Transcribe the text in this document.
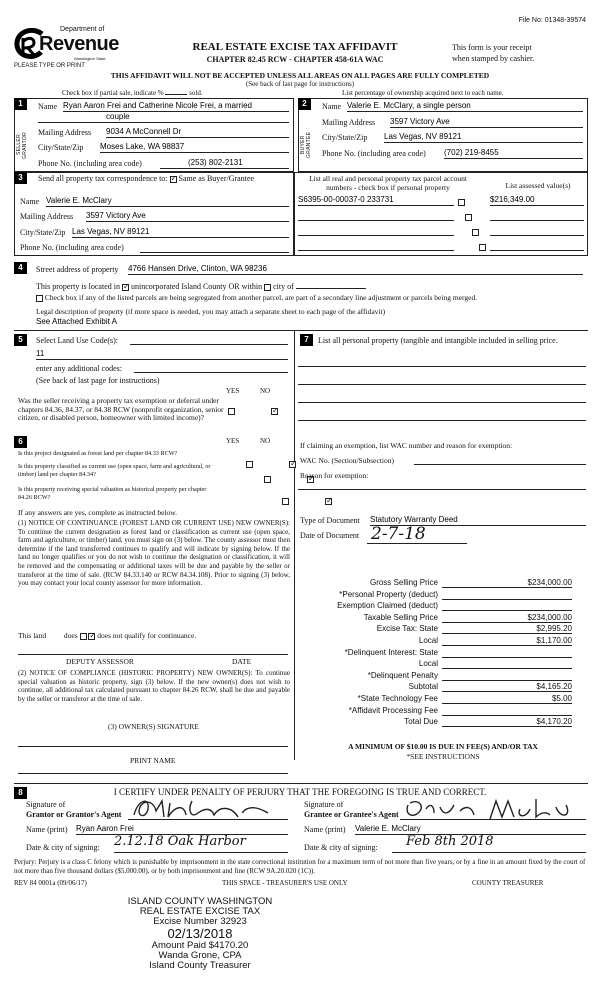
File No: 01348-39574
Department of
Revenue
Washington State
PLEASE TYPE OR PRINT
REAL ESTATE EXCISE TAX AFFIDAVIT
CHAPTER 82.45 RCW - CHAPTER 458-61A WAC
This form is your receipt
when stamped by cashier.
THIS AFFIDAVIT WILL NOT BE ACCEPTED UNLESS ALL AREAS ON ALL PAGES ARE FULLY COMPLETED
(See back of last page for instructions)
Check box if partial sale, indicate %	sold.	List percentage of ownership acquired next to each name.
1
SELLER GRANTOR
Name Ryan Aaron Frei and Catherine Nicole Frei, a married
couple
Mailing Address 9034 A McConnell Dr
City/State/Zip Moses Lake, WA 98837
Phone No. (including area code)	(253) 802-2131
2
BUYER GRANTEE
Name Valerie E. McClary, a single person
Mailing Address 3597 Victory Ave
City/State/Zip Las Vegas, NV 89121
Phone No. (including area code) (702) 219-8455
3	Send all property tax correspondence to: ✓ Same as Buyer/Grantee
Name Valerie E. McClary
Mailing Address 3597 Victory Ave
City/State/Zip Las Vegas, NV 89121
Phone No. (including area code)
List all real and personal property tax parcel account numbers - check box if personal property	List assessed value(s)
S6395-00-00037-0 233731	$216,349.00
4	Street address of property 4766 Hansen Drive, Clinton, WA 98236
This property is located in ✓ unincorporated Island County OR within city of
Check box if any of the listed parcels are being segregated from another parcel, are part of a secondary line adjustment or parcels being merged.
Legal description of property (if more space is needed, you may attach a separate sheet to each page of the affidavit)
See Attached Exhibit A
5	Select Land Use Code(s):
11
enter any additional codes:
(See back of last page for instructions)
YES	NO
Was the seller receiving a property tax exemption or deferral under chapters 84.36, 84.37, or 84.38 RCW (nonprofit organization, senior citizen, or disabled person, homeowner with limited income)?
✓
6	YES	NO
Is this project designated as forest land per chapter 84.33 RCW?
✓
Is this property classified as current use (open space, farm and agricultural, or timber) land per chapter 84.34?
✓
Is this property receiving special valuation as historical property per chapter 84.26 RCW?
✓
If any answers are yes, complete as instructed below.
(1) NOTICE OF CONTINUANCE (FOREST LAND OR CURRENT USE) NEW OWNER(S): To continue the current designation as forest land or classification as current use (open space, farm and agriculture, or timber) land, you must sign on (3) below. The county assessor must then determine if the land transferred continues to qualify and will indicate by signing below. If the land no longer qualifies or you do not wish to continue the designation or classification, it will be removed and the compensating or additional taxes will be due and payable by the seller or transferor at the time of sale. (RCW 84.33.140 or RCW 84.34.108). Prior to signing (3) below, you may contact your local county assessor for more information.
This land does ✓	does not qualify for continuance.
DEPUTY ASSESSOR	DATE
(2) NOTICE OF COMPLIANCE (HISTORIC PROPERTY) NEW OWNER(S): To continue special valuation as historic property, sign (3) below. If the new owner(s) does not wish to continue, all additional tax calculated pursuant to chapter 84.26 RCW, shall be due and payable by the seller or transferor at the time of sale.
(3) OWNER(S) SIGNATURE
PRINT NAME
7	List all personal property (tangible and intangible included in selling price.
If claiming an exemption, list WAC number and reason for exemption:
WAC No. (Section/Subsection)
Reason for exemption:
Type of Document Statutory Warranty Deed
Date of Document 2-7-18
Gross Selling Price	$234,000.00
*Personal Property (deduct)
Exemption Claimed (deduct)
Taxable Selling Price	$234,000.00
Excise Tax: State	$2,995.20
Local	$1,170.00
*Delinquent Interest: State
Local
*Delinquent Penalty
Subtotal	$4,165.20
*State Technology Fee	$5.00
*Affidavit Processing Fee
Total Due	$4,170.20
A MINIMUM OF $10.00 IS DUE IN FEE(S) AND/OR TAX
*SEE INSTRUCTIONS
8	I CERTIFY UNDER PENALTY OF PERJURY THAT THE FOREGOING IS TRUE AND CORRECT.
Signature of
Grantor or Grantor's Agent
Name (print) Ryan Aaron Frei
Date & city of signing: 2.12.18 Oak Harbor
Signature of
Grantee or Grantee's Agent
Name (print) Valerie E. McClary
Date & city of signing:	Feb 8th 2018
Perjury: Perjury is a class C felony which is punishable by imprisonment in the state correctional institution for a maximum term of not more than five years, or by a fine in an amount fixed by the court of not more than five thousand dollars ($5,000.00), or by both imprisonment and fine (RCW 9A.20.020 (1C)).
REV 84 0001a (09/06/17)	THIS SPACE - TREASURER'S USE ONLY	COUNTY TREASURER
ISLAND COUNTY WASHINGTON
REAL ESTATE EXCISE TAX
Excise Number 32923
02/13/2018
Amount Paid $4170.20
Wanda Grone, CPA
Island County Treasurer
